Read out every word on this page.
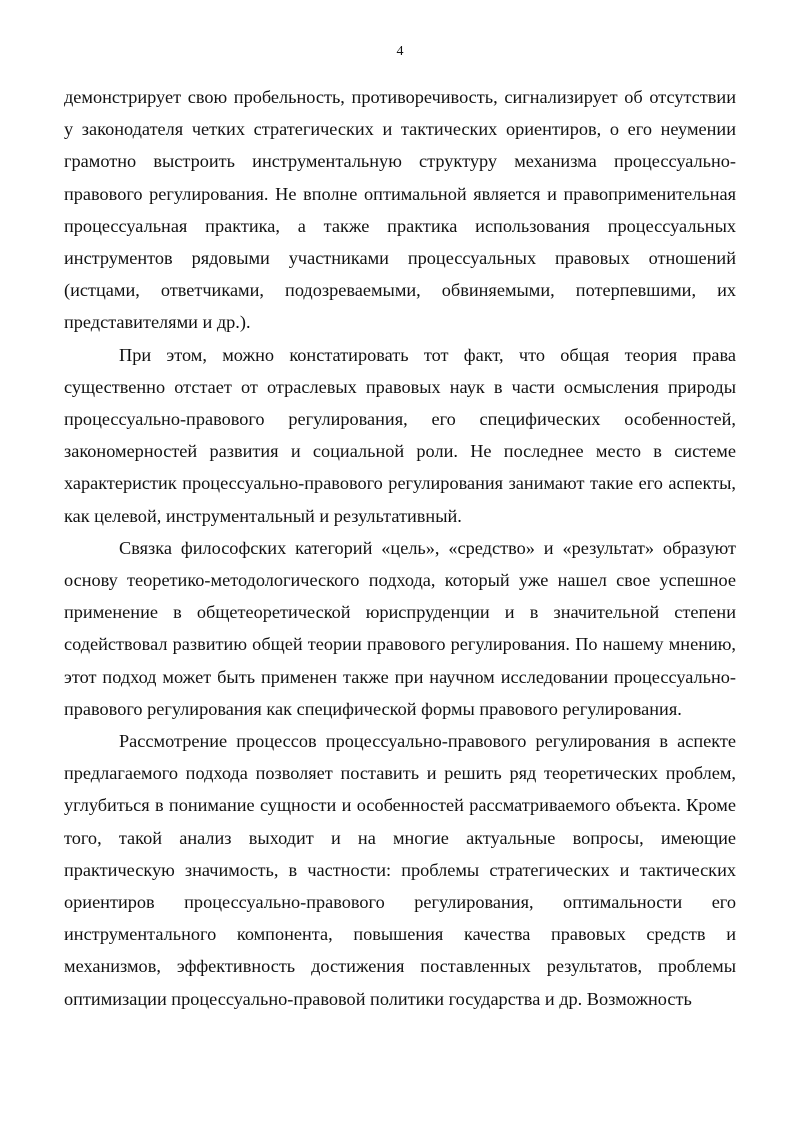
4

демонстрирует свою пробельность, противоречивость, сигнализирует об отсутствии у законодателя четких стратегических и тактических ориентиров, о его неумении грамотно выстроить инструментальную структуру механизма процессуально-правового регулирования. Не вполне оптимальной является и правоприменительная процессуальная практика, а также практика использования процессуальных инструментов рядовыми участниками процессуальных правовых отношений (истцами, ответчиками, подозреваемыми, обвиняемыми, потерпевшими, их представителями и др.).

При этом, можно констатировать тот факт, что общая теория права существенно отстает от отраслевых правовых наук в части осмысления природы процессуально-правового регулирования, его специфических особенностей, закономерностей развития и социальной роли. Не последнее место в системе характеристик процессуально-правового регулирования занимают такие его аспекты, как целевой, инструментальный и результативный.

Связка философских категорий «цель», «средство» и «результат» образуют основу теоретико-методологического подхода, который уже нашел свое успешное применение в общетеоретической юриспруденции и в значительной степени содействовал развитию общей теории правового регулирования. По нашему мнению, этот подход может быть применен также при научном исследовании процессуально-правового регулирования как специфической формы правового регулирования.

Рассмотрение процессов процессуально-правового регулирования в аспекте предлагаемого подхода позволяет поставить и решить ряд теоретических проблем, углубиться в понимание сущности и особенностей рассматриваемого объекта. Кроме того, такой анализ выходит и на многие актуальные вопросы, имеющие практическую значимость, в частности: проблемы стратегических и тактических ориентиров процессуально-правового регулирования, оптимальности его инструментального компонента, повышения качества правовых средств и механизмов, эффективность достижения поставленных результатов, проблемы оптимизации процессуально-правовой политики государства и др. Возможность
